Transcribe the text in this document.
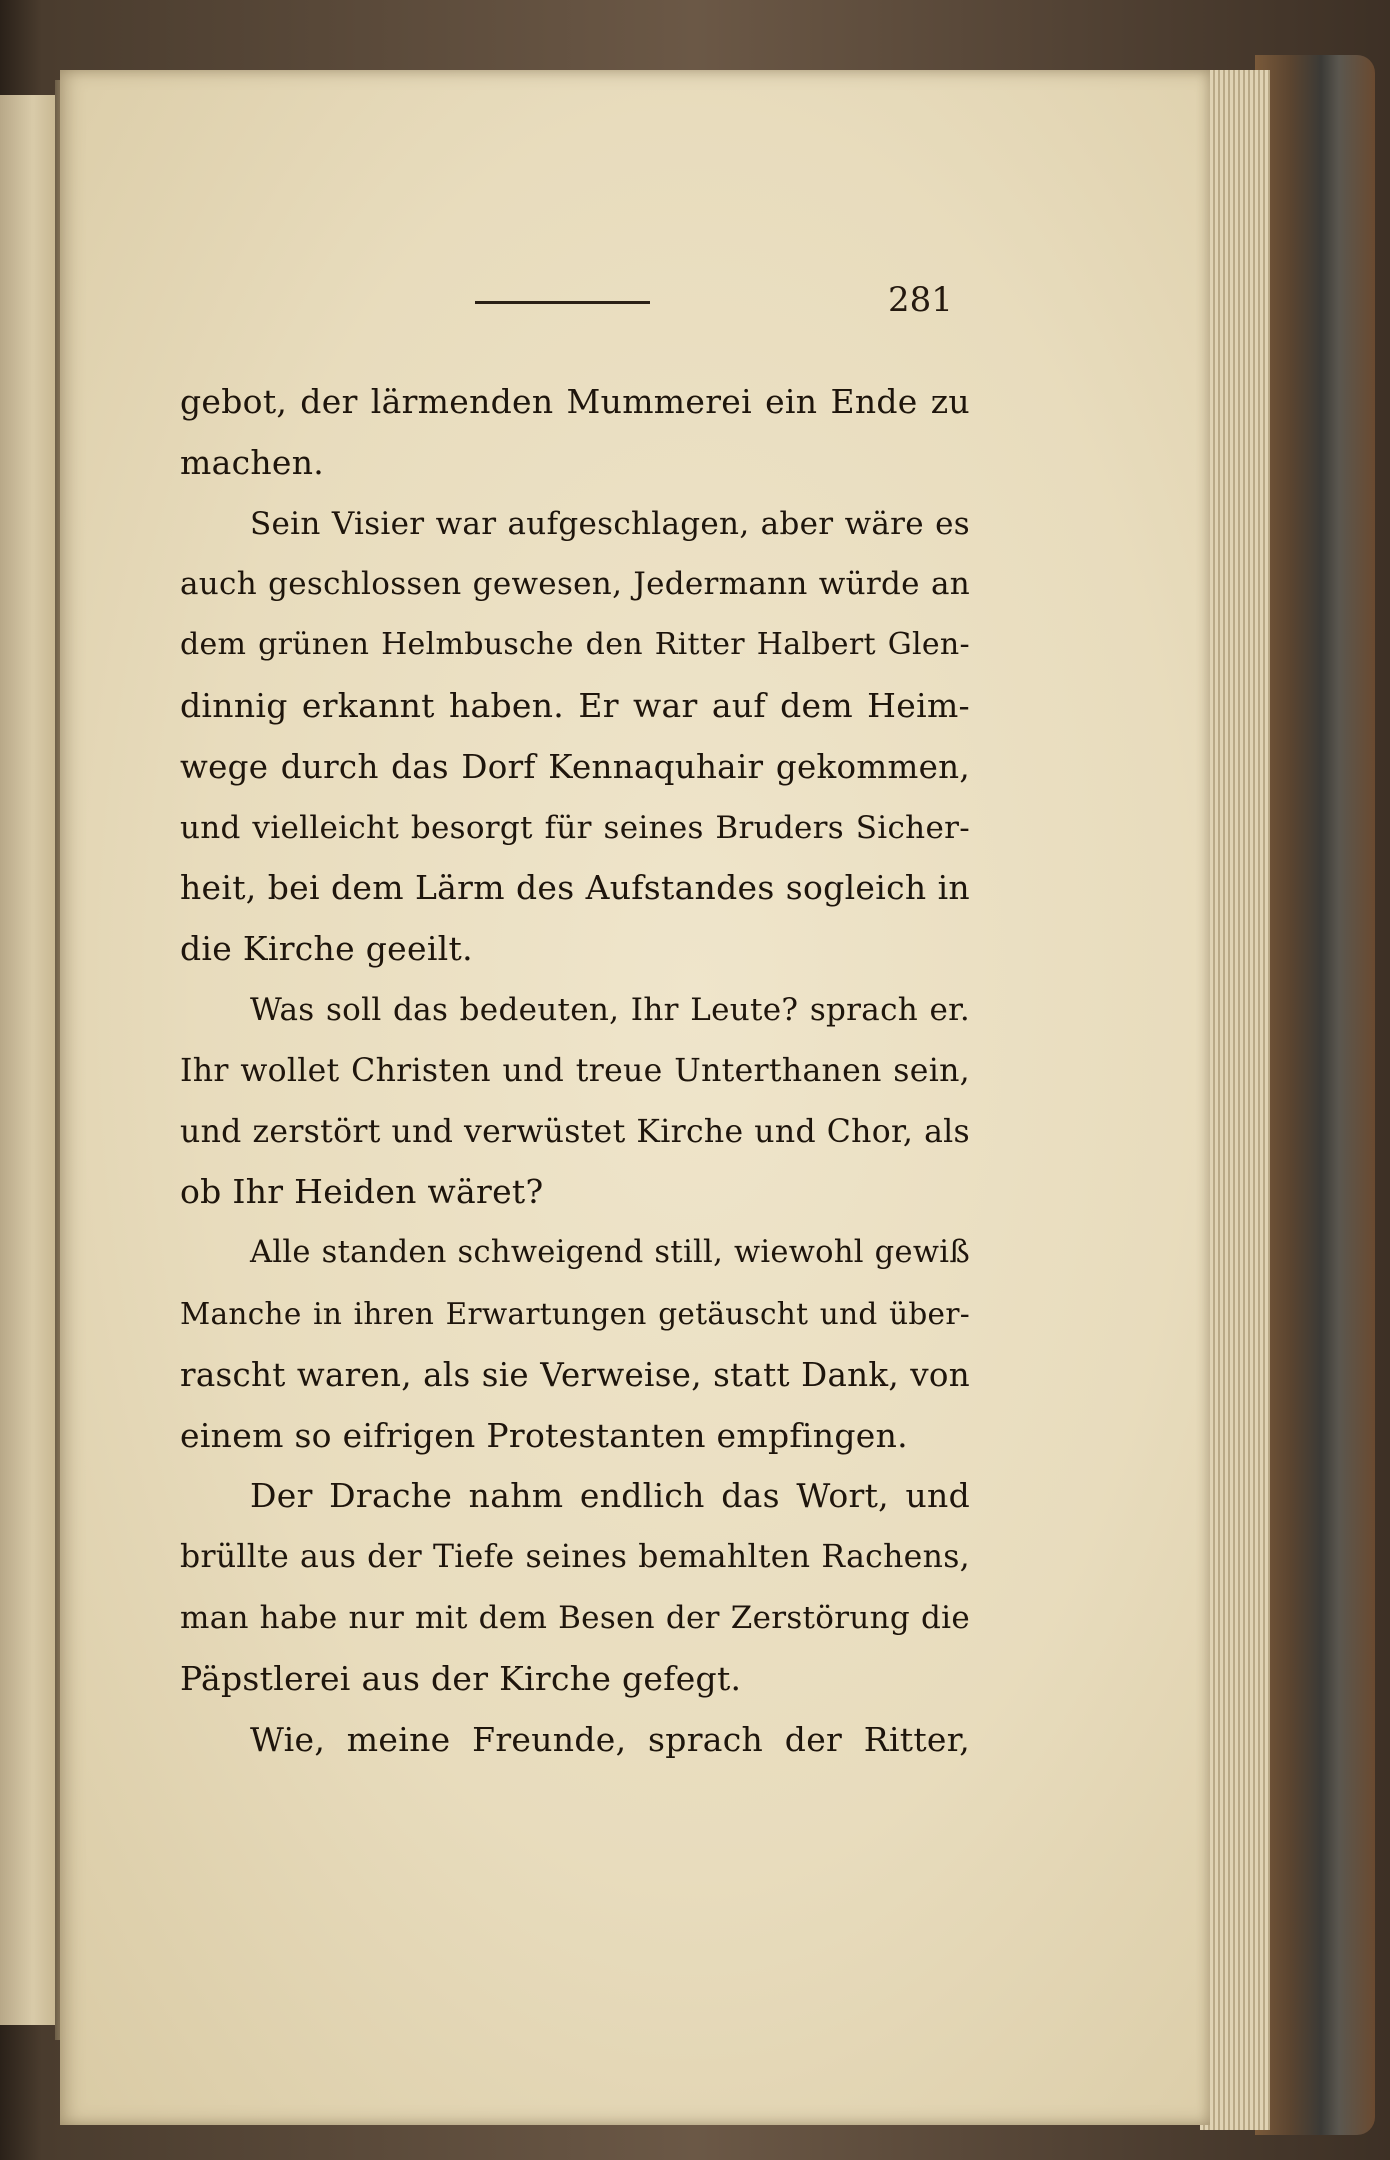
281
gebot, der lärmenden Mummerei ein Ende zu
machen.
Sein Visier war aufgeschlagen, aber wäre es
auch geschlossen gewesen, Jedermann würde an
dem grünen Helmbusche den Ritter Halbert Glen-
dinnig erkannt haben. Er war auf dem Heim-
wege durch das Dorf Kennaquhair gekommen,
und vielleicht besorgt für seines Bruders Sicher-
heit, bei dem Lärm des Aufstandes sogleich in
die Kirche geeilt.
Was soll das bedeuten, Ihr Leute? sprach er.
Ihr wollet Christen und treue Unterthanen sein,
und zerstört und verwüstet Kirche und Chor, als
ob Ihr Heiden wäret?
Alle standen schweigend still, wiewohl gewiß
Manche in ihren Erwartungen getäuscht und über-
rascht waren, als sie Verweise, statt Dank, von
einem so eifrigen Protestanten empfingen.
Der Drache nahm endlich das Wort, und
brüllte aus der Tiefe seines bemahlten Rachens,
man habe nur mit dem Besen der Zerstörung die
Päpstlerei aus der Kirche gefegt.
Wie, meine Freunde, sprach der Ritter,
